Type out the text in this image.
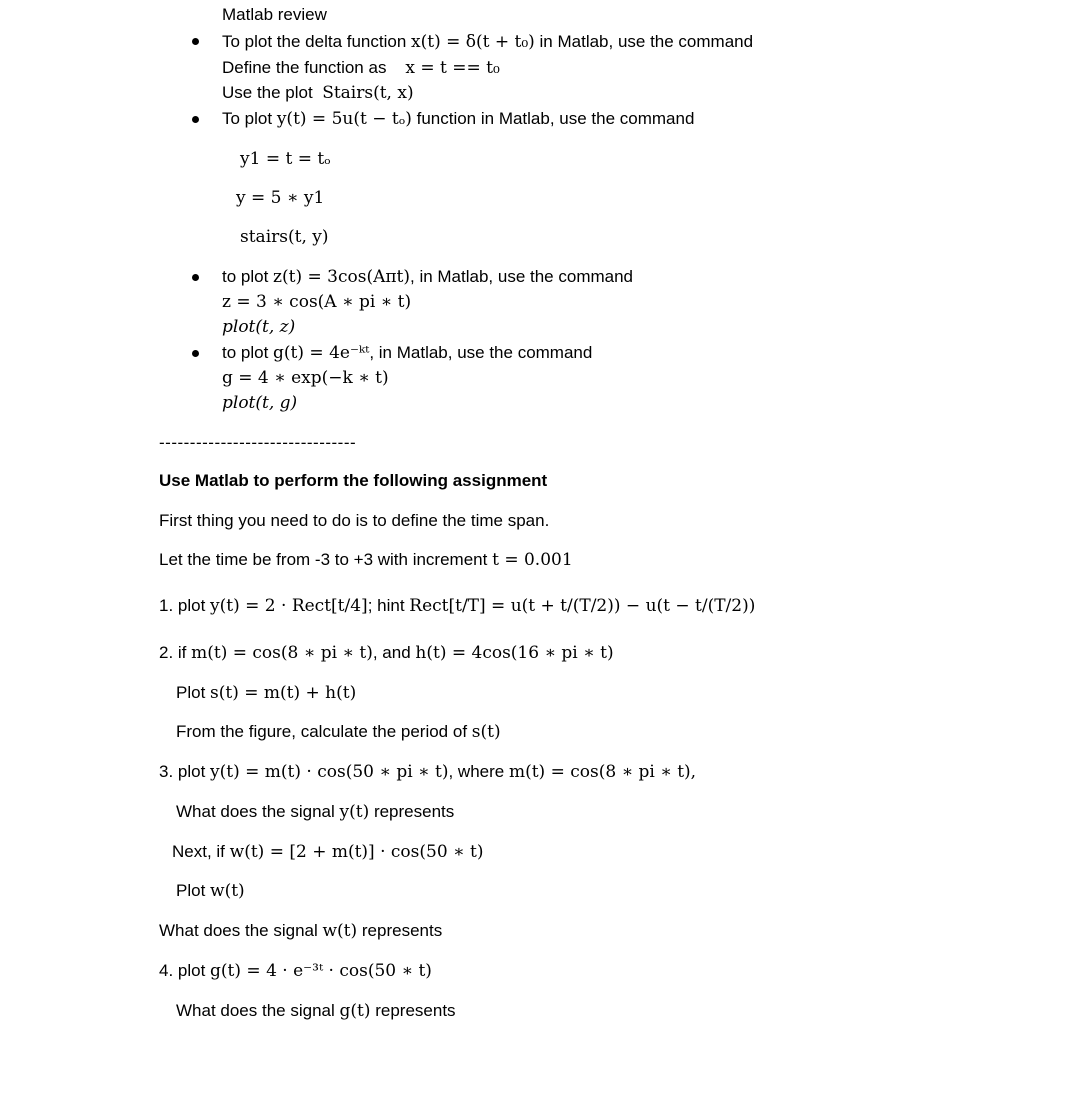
Matlab review
To plot the delta function x(t) = δ(t + t₀) in Matlab, use the command
Define the function as x = t == t₀
Use the plot Stairs(t, x)
To plot y(t) = 5u(t − tₒ) function in Matlab, use the command
y1 = t = tₒ
y = 5 ∗ y1
stairs(t, y)
to plot z(t) = 3cos(Aπt), in Matlab, use the command
z = 3 ∗ cos(A ∗ pi ∗ t)
plot(t, z)
to plot g(t) = 4e⁻ᵏᵗ, in Matlab, use the command
g = 4 ∗ exp(−k ∗ t)
plot(t, g)
--------------------------------
Use Matlab to perform the following assignment
First thing you need to do is to define the time span.
Let the time be from -3 to +3 with increment t = 0.001
1. plot y(t) = 2 · Rect[t/4]; hint Rect[t/T] = u(t + t/(T/2)) − u(t − t/(T/2))
2. if m(t) = cos(8 ∗ pi ∗ t), and h(t) = 4cos(16 ∗ pi ∗ t)
Plot s(t) = m(t) + h(t)
From the figure, calculate the period of s(t)
3. plot y(t) = m(t) · cos(50 ∗ pi ∗ t), where m(t) = cos(8 ∗ pi ∗ t),
What does the signal y(t) represents
Next, if w(t) = [2 + m(t)] · cos(50 ∗ t)
Plot w(t)
What does the signal w(t) represents
4. plot g(t) = 4 · e⁻³ᵗ · cos(50 ∗ t)
What does the signal g(t) represents
